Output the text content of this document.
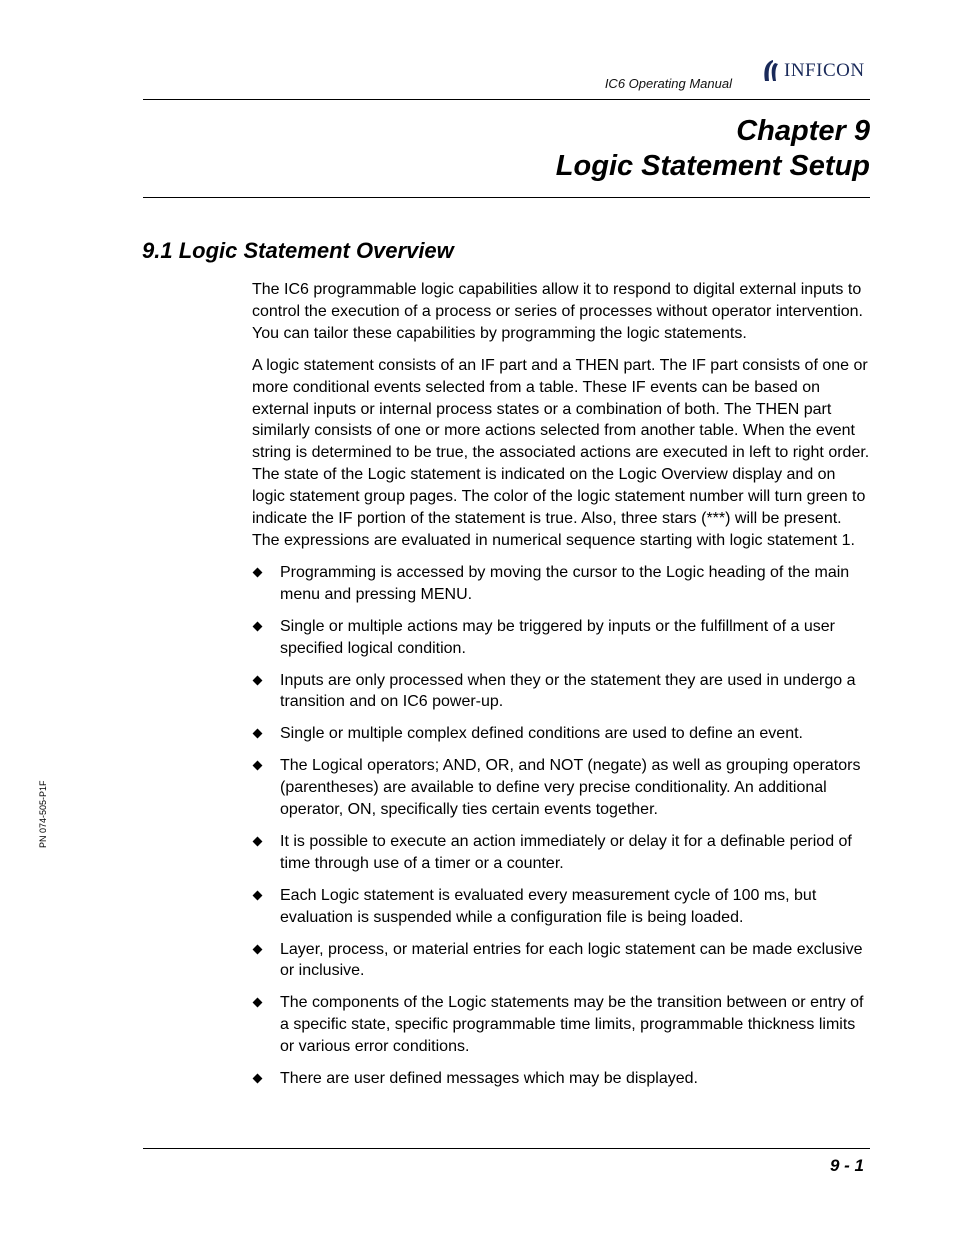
IC6 Operating Manual
INFICON
Chapter 9
Logic Statement Setup
9.1 Logic Statement Overview

The IC6 programmable logic capabilities allow it to respond to digital external inputs to control the execution of a process or series of processes without operator intervention. You can tailor these capabilities by programming the logic statements.

A logic statement consists of an IF part and a THEN part. The IF part consists of one or more conditional events selected from a table. These IF events can be based on external inputs or internal process states or a combination of both. The THEN part similarly consists of one or more actions selected from another table. When the event string is determined to be true, the associated actions are executed in left to right order. The state of the Logic statement is indicated on the Logic Overview display and on logic statement group pages. The color of the logic statement number will turn green to indicate the IF portion of the statement is true. Also, three stars (***) will be present. The expressions are evaluated in numerical sequence starting with logic statement 1.

Programming is accessed by moving the cursor to the Logic heading of the main menu and pressing MENU.
Single or multiple actions may be triggered by inputs or the fulfillment of a user specified logical condition.
Inputs are only processed when they or the statement they are used in undergo a transition and on IC6 power-up.
Single or multiple complex defined conditions are used to define an event.
The Logical operators; AND, OR, and NOT (negate) as well as grouping operators (parentheses) are available to define very precise conditionality. An additional operator, ON, specifically ties certain events together.
It is possible to execute an action immediately or delay it for a definable period of time through use of a timer or a counter.
Each Logic statement is evaluated every measurement cycle of 100 ms, but evaluation is suspended while a configuration file is being loaded.
Layer, process, or material entries for each logic statement can be made exclusive or inclusive.
The components of the Logic statements may be the transition between or entry of a specific state, specific programmable time limits, programmable thickness limits or various error conditions.
There are user defined messages which may be displayed.
PN 074-505-P1F
9 - 1
